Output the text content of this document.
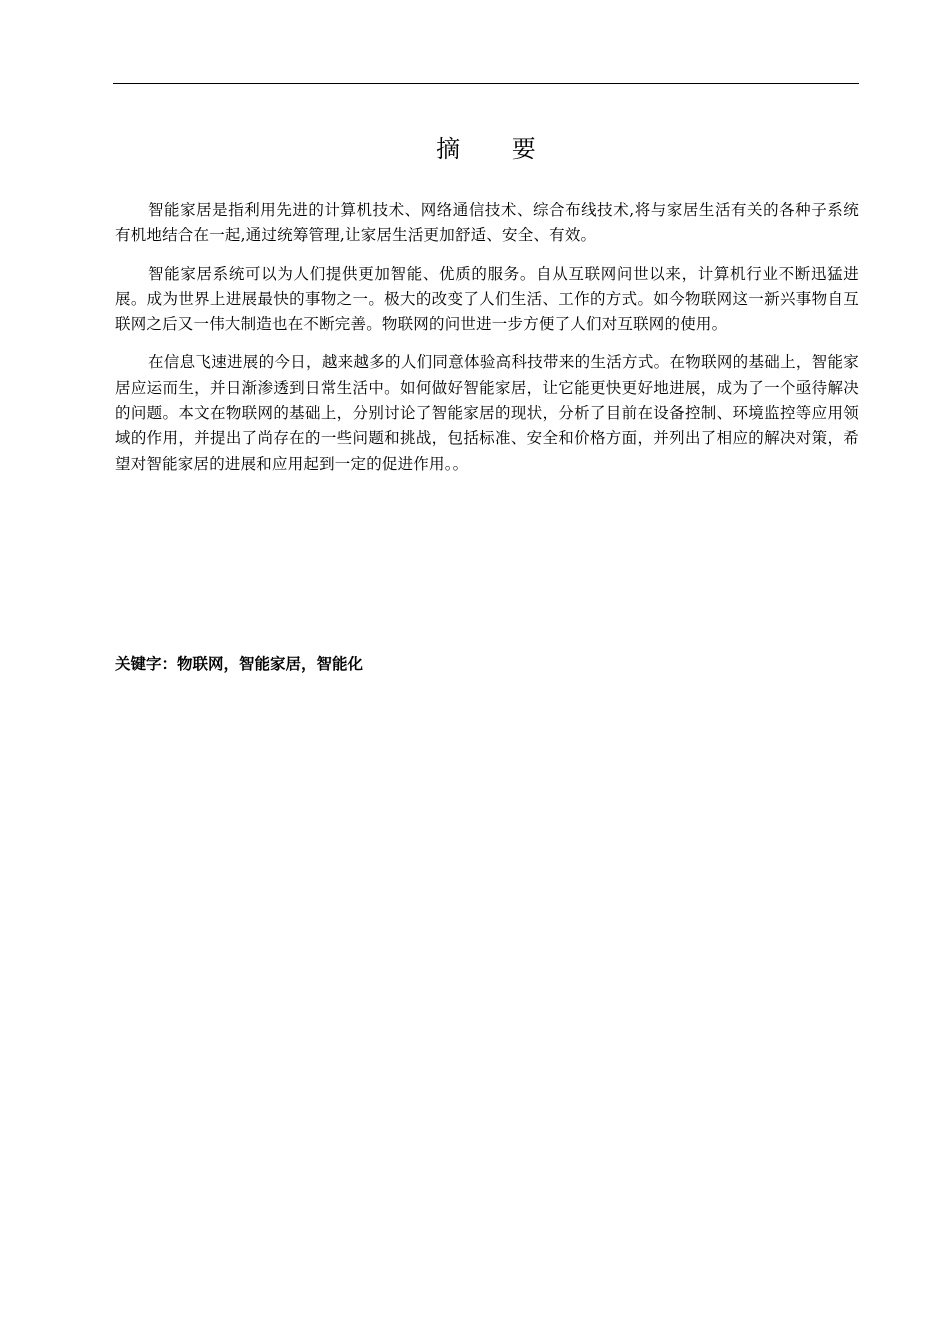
摘 要

智能家居是指利用先进的计算机技术、网络通信技术、综合布线技术,将与家居生活有关的各种子系统有机地结合在一起,通过统筹管理,让家居生活更加舒适、安全、有效。

智能家居系统可以为人们提供更加智能、优质的服务。自从互联网问世以来，计算机行业不断迅猛进展。成为世界上进展最快的事物之一。极大的改变了人们生活、工作的方式。如今物联网这一新兴事物自互联网之后又一伟大制造也在不断完善。物联网的问世进一步方便了人们对互联网的使用。

在信息飞速进展的今日，越来越多的人们同意体验高科技带来的生活方式。在物联网的基础上，智能家居应运而生，并日渐渗透到日常生活中。如何做好智能家居，让它能更快更好地进展，成为了一个亟待解决的问题。本文在物联网的基础上，分别讨论了智能家居的现状，分析了目前在设备控制、环境监控等应用领域的作用，并提出了尚存在的一些问题和挑战，包括标准、安全和价格方面，并列出了相应的解决对策，希望对智能家居的进展和应用起到一定的促进作用。。

关键字：物联网，智能家居，智能化
